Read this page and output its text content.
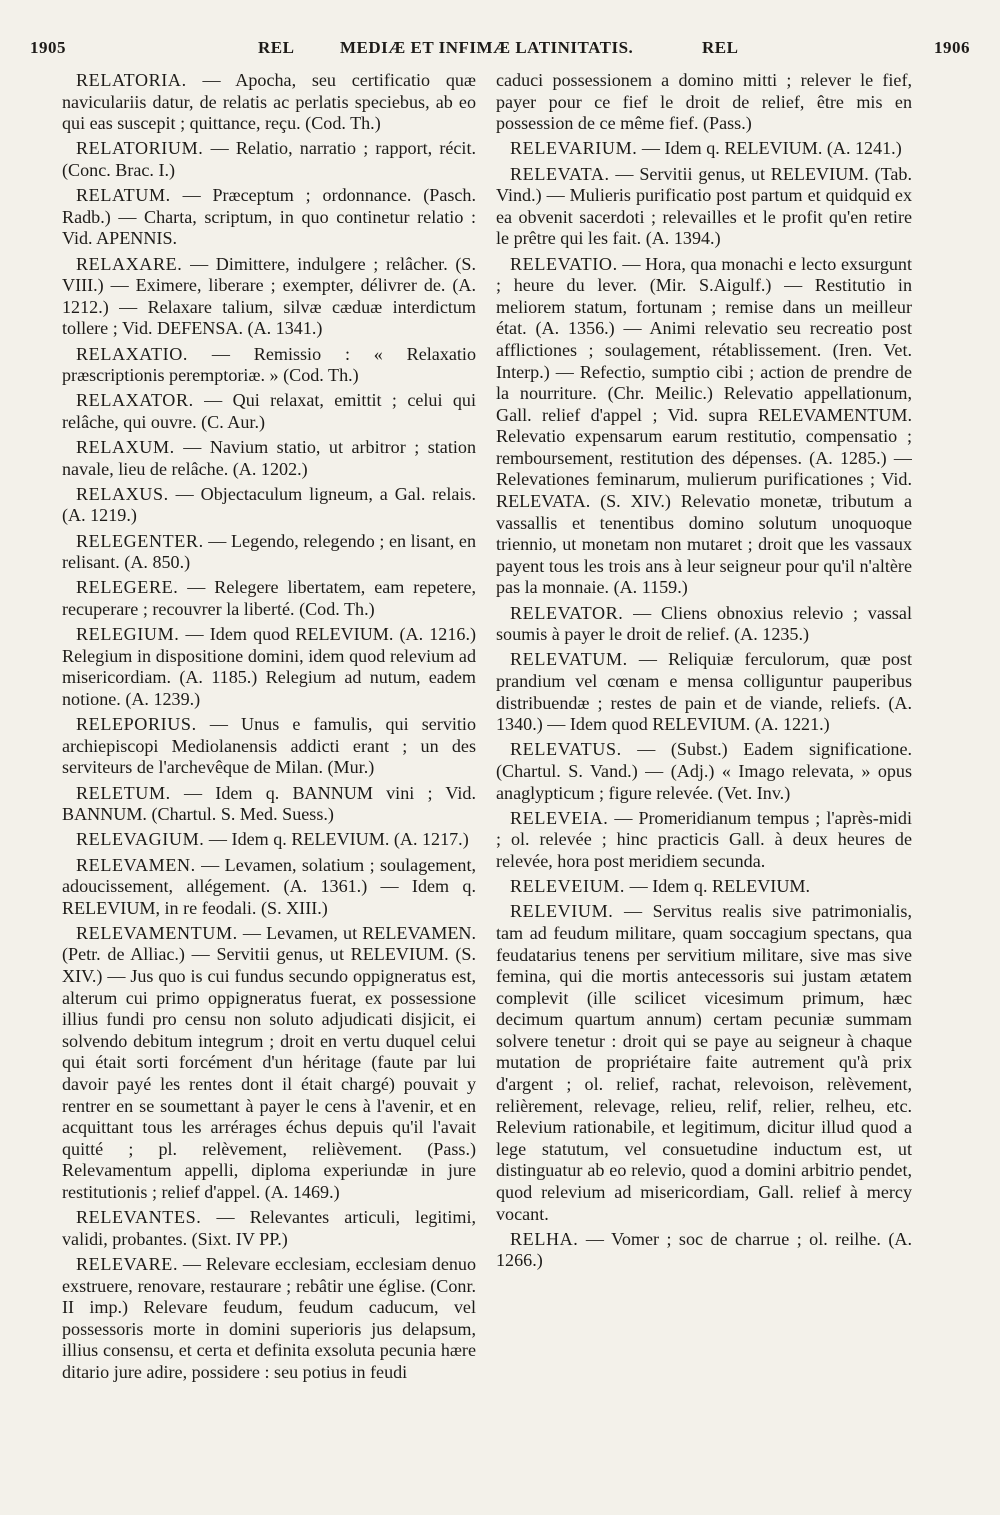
1905	REL	MEDIÆ ET INFIMÆ LATINITATIS.	REL	1906

RELATORIA. — Apocha, seu certificatio quæ naviculariis datur, de relatis ac perlatis speciebus, ab eo qui eas suscepit ; quittance, reçu. (Cod. Th.)

RELATORIUM. — Relatio, narratio ; rapport, récit. (Conc. Brac. I.)

RELATUM. — Præceptum ; ordonnance. (Pasch. Radb.) — Charta, scriptum, in quo continetur relatio : Vid. APENNIS.

RELAXARE. — Dimittere, indulgere ; relâcher. (S. VIII.) — Eximere, liberare ; exempter, délivrer de. (A. 1212.) — Relaxare talium, silvæ cæduæ interdictum tollere ; Vid. DEFENSA. (A. 1341.)

RELAXATIO. — Remissio : « Relaxatio præscriptionis peremptoriæ. » (Cod. Th.)

RELAXATOR. — Qui relaxat, emittit ; celui qui relâche, qui ouvre. (C. Aur.)

RELAXUM. — Navium statio, ut arbitror ; station navale, lieu de relâche. (A. 1202.)

RELAXUS. — Objectaculum ligneum, a Gal. relais. (A. 1219.)

RELEGENTER. — Legendo, relegendo ; en lisant, en relisant. (A. 850.)

RELEGERE. — Relegere libertatem, eam repetere, recuperare ; recouvrer la liberté. (Cod. Th.)

RELEGIUM. — Idem quod RELEVIUM. (A. 1216.) Relegium in dispositione domini, idem quod relevium ad misericordiam. (A. 1185.) Relegium ad nutum, eadem notione. (A. 1239.)

RELEPORIUS. — Unus e famulis, qui servitio archiepiscopi Mediolanensis addicti erant ; un des serviteurs de l'archevêque de Milan. (Mur.)

RELETUM. — Idem q. BANNUM vini ; Vid. BANNUM. (Chartul. S. Med. Suess.)

RELEVAGIUM. — Idem q. RELEVIUM. (A. 1217.)

RELEVAMEN. — Levamen, solatium ; soulagement, adoucissement, allégement. (A. 1361.) — Idem q. RELEVIUM, in re feodali. (S. XIII.)

RELEVAMENTUM. — Levamen, ut RELEVAMEN. (Petr. de Alliac.) — Servitii genus, ut RELEVIUM. (S. XIV.) — Jus quo is cui fundus secundo oppigneratus est, alterum cui primo oppigneratus fuerat, ex possessione illius fundi pro censu non soluto adjudicati disjicit, ei solvendo debitum integrum ; droit en vertu duquel celui qui était sorti forcément d'un héritage (faute par lui davoir payé les rentes dont il était chargé) pouvait y rentrer en se soumettant à payer le cens à l'avenir, et en acquittant tous les arrérages échus depuis qu'il l'avait quitté ; pl. relèvement, relièvement. (Pass.) Relevamentum appelli, diploma experiundæ in jure restitutionis ; relief d'appel. (A. 1469.)

RELEVANTES. — Relevantes articuli, legitimi, validi, probantes. (Sixt. IV PP.)

RELEVARE. — Relevare ecclesiam, ecclesiam denuo exstruere, renovare, restaurare ; rebâtir une église. (Conr. II imp.) Relevare feudum, feudum caducum, vel possessoris morte in domini superioris jus delapsum, illius consensu, et certa et definita exsoluta pecunia hære ditario jure adire, possidere : seu potius in feudi

caduci possessionem a domino mitti ; relever le fief, payer pour ce fief le droit de relief, être mis en possession de ce même fief. (Pass.)

RELEVARIUM. — Idem q. RELEVIUM. (A. 1241.)

RELEVATA. — Servitii genus, ut RELEVIUM. (Tab. Vind.) — Mulieris purificatio post partum et quidquid ex ea obvenit sacerdoti ; relevailles et le profit qu'en retire le prêtre qui les fait. (A. 1394.)

RELEVATIO. — Hora, qua monachi e lecto exsurgunt ; heure du lever. (Mir. S.Aigulf.) — Restitutio in meliorem statum, fortunam ; remise dans un meilleur état. (A. 1356.) — Animi relevatio seu recreatio post afflictiones ; soulagement, rétablissement. (Iren. Vet. Interp.) — Refectio, sumptio cibi ; action de prendre de la nourriture. (Chr. Meilic.) Relevatio appellationum, Gall. relief d'appel ; Vid. supra RELEVAMENTUM. Relevatio expensarum earum restitutio, compensatio ; remboursement, restitution des dépenses. (A. 1285.) — Relevationes feminarum, mulierum purificationes ; Vid. RELEVATA. (S. XIV.) Relevatio monetæ, tributum a vassallis et tenentibus domino solutum unoquoque triennio, ut monetam non mutaret ; droit que les vassaux payent tous les trois ans à leur seigneur pour qu'il n'altère pas la monnaie. (A. 1159.)

RELEVATOR. — Cliens obnoxius relevio ; vassal soumis à payer le droit de relief. (A. 1235.)

RELEVATUM. — Reliquiæ ferculorum, quæ post prandium vel cœnam e mensa colliguntur pauperibus distribuendæ ; restes de pain et de viande, reliefs. (A. 1340.) — Idem quod RELEVIUM. (A. 1221.)

RELEVATUS. — (Subst.) Eadem significatione. (Chartul. S. Vand.) — (Adj.) « Imago relevata, » opus anaglypticum ; figure relevée. (Vet. Inv.)

RELEVEIA. — Promeridianum tempus ; l'après-midi ; ol. relevée ; hinc practicis Gall. à deux heures de relevée, hora post meridiem secunda.

RELEVEIUM. — Idem q. RELEVIUM.

RELEVIUM. — Servitus realis sive patrimonialis, tam ad feudum militare, quam soccagium spectans, qua feudatarius tenens per servitium militare, sive mas sive femina, qui die mortis antecessoris sui justam ætatem complevit (ille scilicet vicesimum primum, hæc decimum quartum annum) certam pecuniæ summam solvere tenetur : droit qui se paye au seigneur à chaque mutation de propriétaire faite autrement qu'à prix d'argent ; ol. relief, rachat, relevoison, relèvement, relièrement, relevage, relieu, relif, relier, relheu, etc. Relevium rationabile, et legitimum, dicitur illud quod a lege statutum, vel consuetudine inductum est, ut distinguatur ab eo relevio, quod a domini arbitrio pendet, quod relevium ad misericordiam, Gall. relief à mercy vocant.

RELHA. — Vomer ; soc de charrue ; ol. reilhe. (A. 1266.)
